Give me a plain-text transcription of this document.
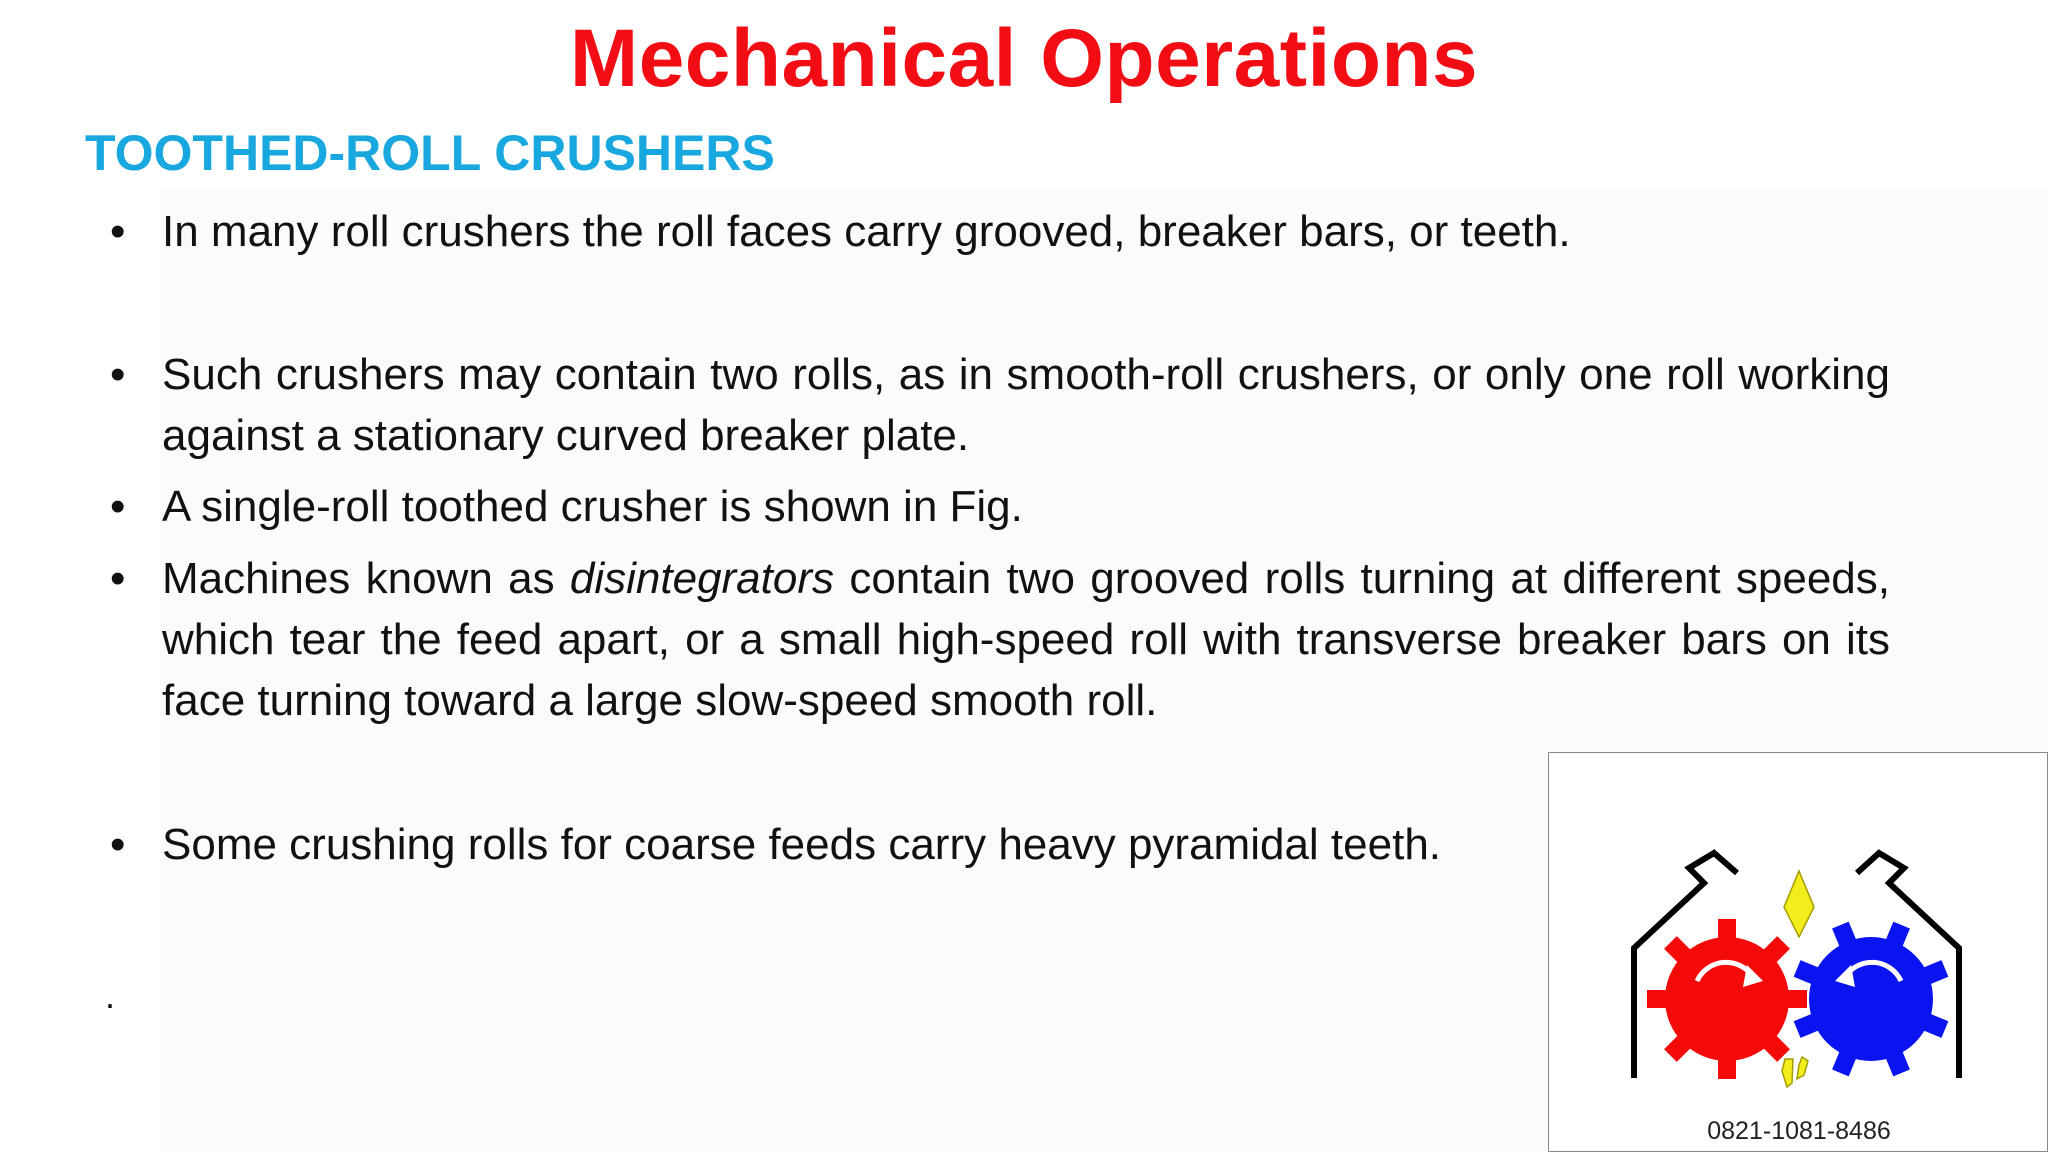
Mechanical Operations
TOOTHED-ROLL CRUSHERS
• In many roll crushers the roll faces carry grooved, breaker bars, or teeth.
• Such crushers may contain two rolls, as in smooth-roll crushers, or only one roll working against a stationary curved breaker plate.
• A single-roll toothed crusher is shown in Fig.
• Machines known as disintegrators contain two grooved rolls turning at different speeds, which tear the feed apart, or a small high-speed roll with transverse breaker bars on its face turning toward a large slow-speed smooth roll.
• Some crushing rolls for coarse feeds carry heavy pyramidal teeth.
.
0821-1081-8486
